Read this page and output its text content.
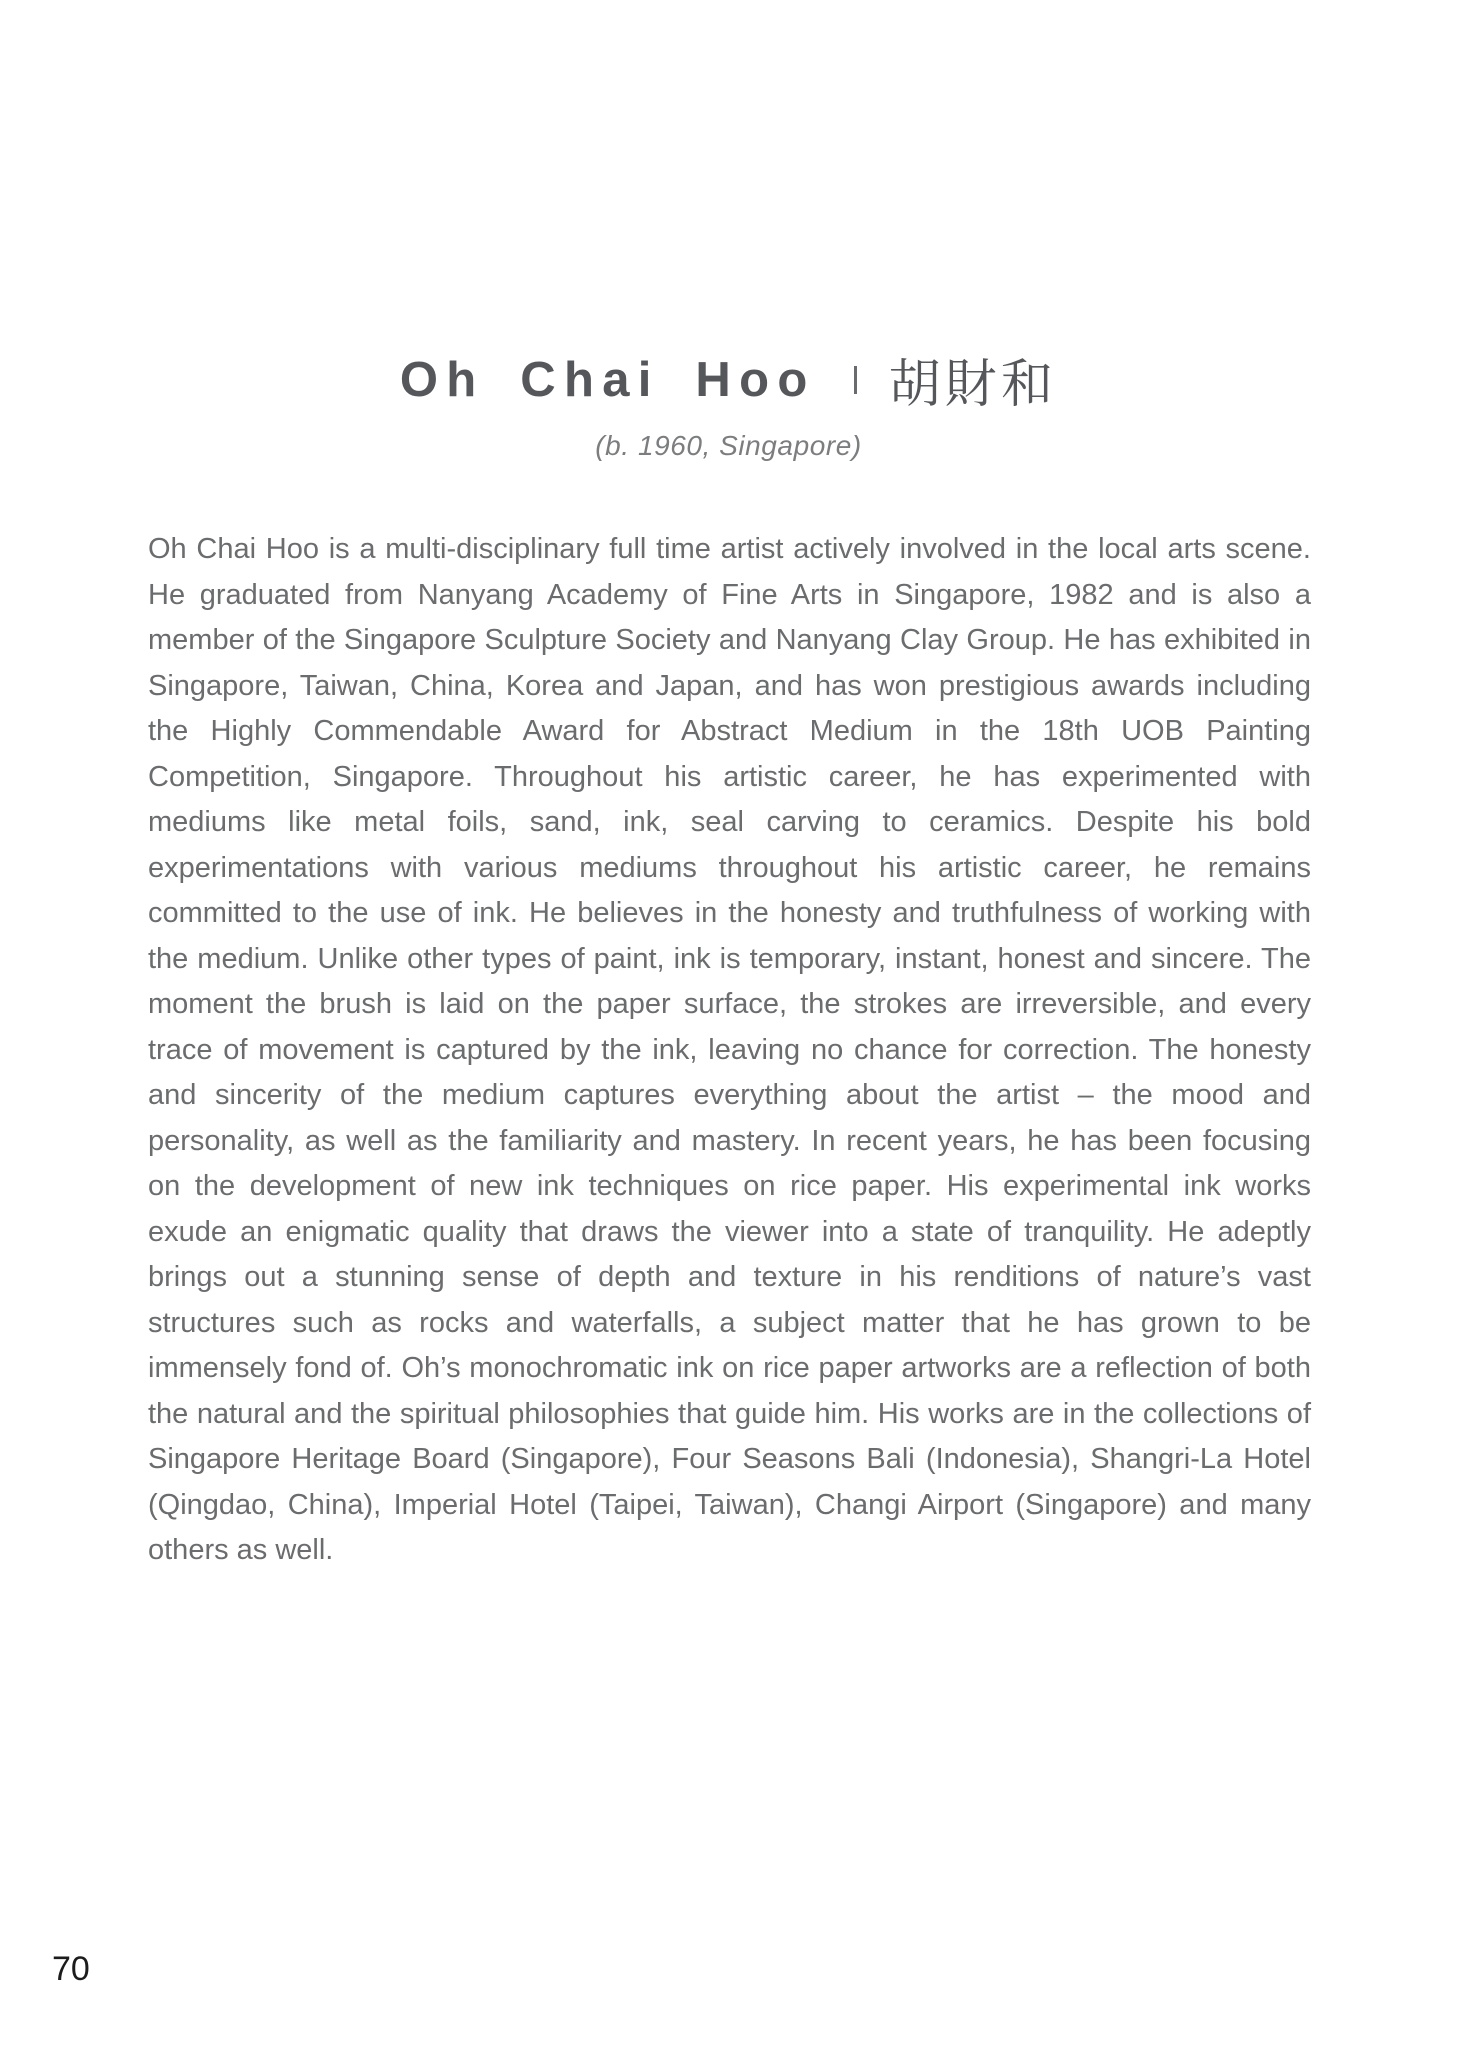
Oh Chai Hoo 胡財和
(b. 1960, Singapore)

Oh Chai Hoo is a multi-disciplinary full time artist actively involved in the local arts scene. He graduated from Nanyang Academy of Fine Arts in Singapore, 1982 and is also a member of the Singapore Sculpture Society and Nanyang Clay Group. He has exhibited in Singapore, Taiwan, China, Korea and Japan, and has won prestigious awards including the Highly Commendable Award for Abstract Medium in the 18th UOB Painting Competition, Singapore. Throughout his artistic career, he has experimented with mediums like metal foils, sand, ink, seal carving to ceramics. Despite his bold experimentations with various mediums throughout his artistic career, he remains committed to the use of ink. He believes in the honesty and truthfulness of working with the medium. Unlike other types of paint, ink is temporary, instant, honest and sincere. The moment the brush is laid on the paper surface, the strokes are irreversible, and every trace of movement is captured by the ink, leaving no chance for correction. The honesty and sincerity of the medium captures everything about the artist – the mood and personality, as well as the familiarity and mastery. In recent years, he has been focusing on the development of new ink techniques on rice paper. His experimental ink works exude an enigmatic quality that draws the viewer into a state of tranquility. He adeptly brings out a stunning sense of depth and texture in his renditions of nature’s vast structures such as rocks and waterfalls, a subject matter that he has grown to be immensely fond of. Oh’s monochromatic ink on rice paper artworks are a reflection of both the natural and the spiritual philosophies that guide him. His works are in the collections of Singapore Heritage Board (Singapore), Four Seasons Bali (Indonesia), Shangri-La Hotel (Qingdao, China), Imperial Hotel (Taipei, Taiwan), Changi Airport (Singapore) and many others as well.

70
